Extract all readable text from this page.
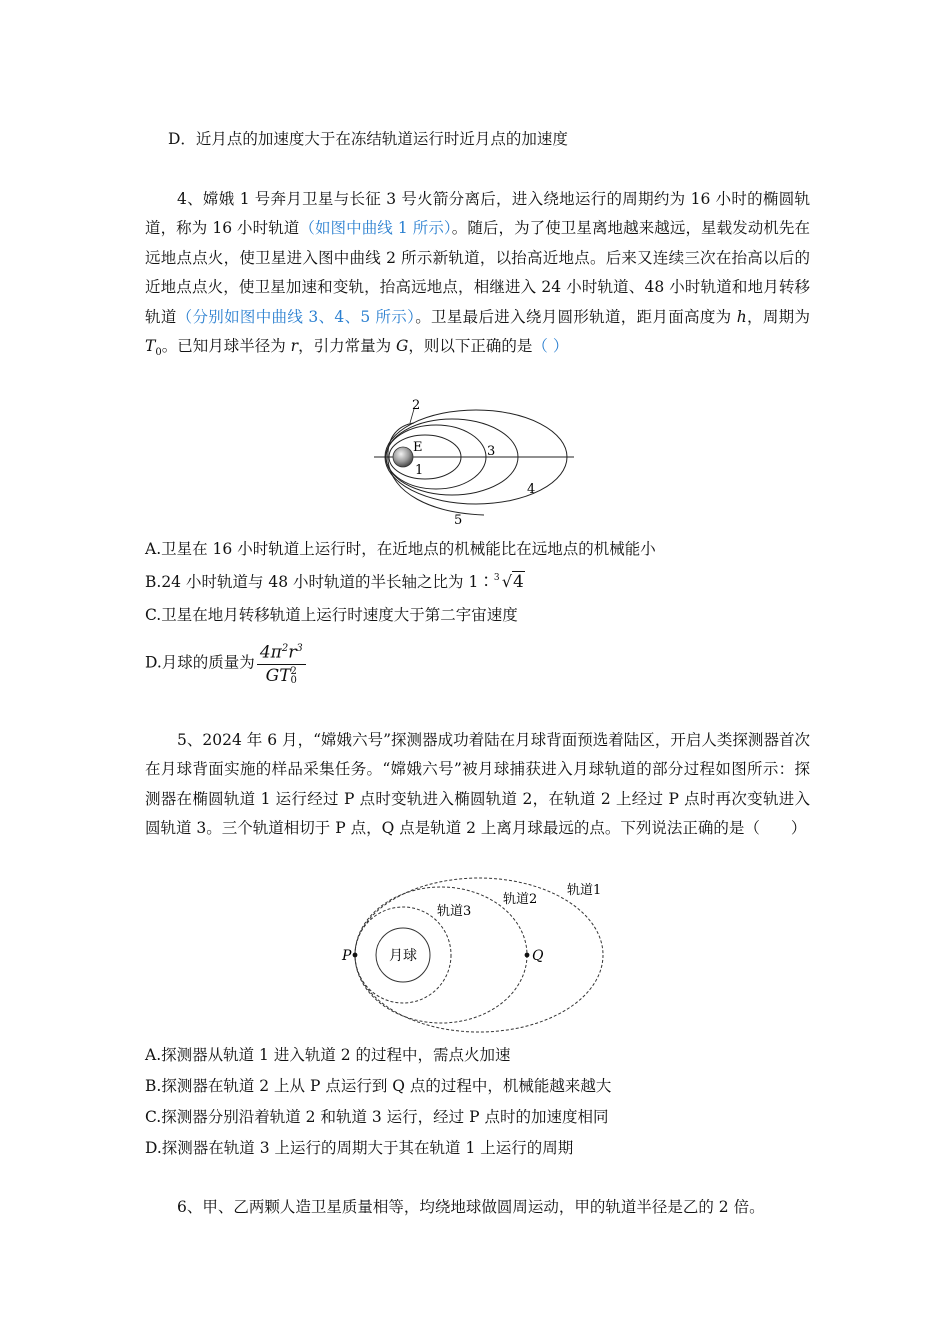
D．近月点的加速度大于在冻结轨道运行时近月点的加速度
4、嫦娥 1 号奔月卫星与长征 3 号火箭分离后，进入绕地运行的周期约为 16 小时的椭圆轨道，称为 16 小时轨道（如图中曲线 1 所示）。随后，为了使卫星离地越来越远，星载发动机先在远地点点火，使卫星进入图中曲线 2 所示新轨道，以抬高近地点。后来又连续三次在抬高以后的近地点点火，使卫星加速和变轨，抬高远地点，相继进入 24 小时轨道、48 小时轨道和地月转移轨道（分别如图中曲线 3、4、5 所示）。卫星最后进入绕月圆形轨道，距月面高度为 h，周期为 $T_0$。已知月球半径为 r，引力常量为 G，则以下正确的是（ ）
2
E	3
1
4
5
A.卫星在 16 小时轨道上运行时，在近地点的机械能比在远地点的机械能小
B.24 小时轨道与 48 小时轨道的半长轴之比为 1∶ 3 √4
C.卫星在地月转移轨道上运行时速度大于第二宇宙速度
D.月球的质量为 $4\pi^2r^3$
GT 2
0
5、2024 年 6 月，“嫦娥六号”探测器成功着陆在月球背面预选着陆区，开启人类探测器首次在月球背面实施的样品采集任务。“嫦娥六号”被月球捕获进入月球轨道的部分过程如图所示：探测器在椭圆轨道 1 运行经过 P 点时变轨进入椭圆轨道 2，在轨道 2 上经过 P 点时再次变轨进入圆轨道 3。三个轨道相切于 P 点，Q 点是轨道 2 上离月球最远的点。下列说法正确的是（　　）
月球
P	Q
轨道1
轨道2
轨道3
A.探测器从轨道 1 进入轨道 2 的过程中，需点火加速
B.探测器在轨道 2 上从 P 点运行到 Q 点的过程中，机械能越来越大
C.探测器分别沿着轨道 2 和轨道 3 运行，经过 P 点时的加速度相同
D.探测器在轨道 3 上运行的周期大于其在轨道 1 上运行的周期
6、甲、乙两颗人造卫星质量相等，均绕地球做圆周运动，甲的轨道半径是乙的 2 倍。
